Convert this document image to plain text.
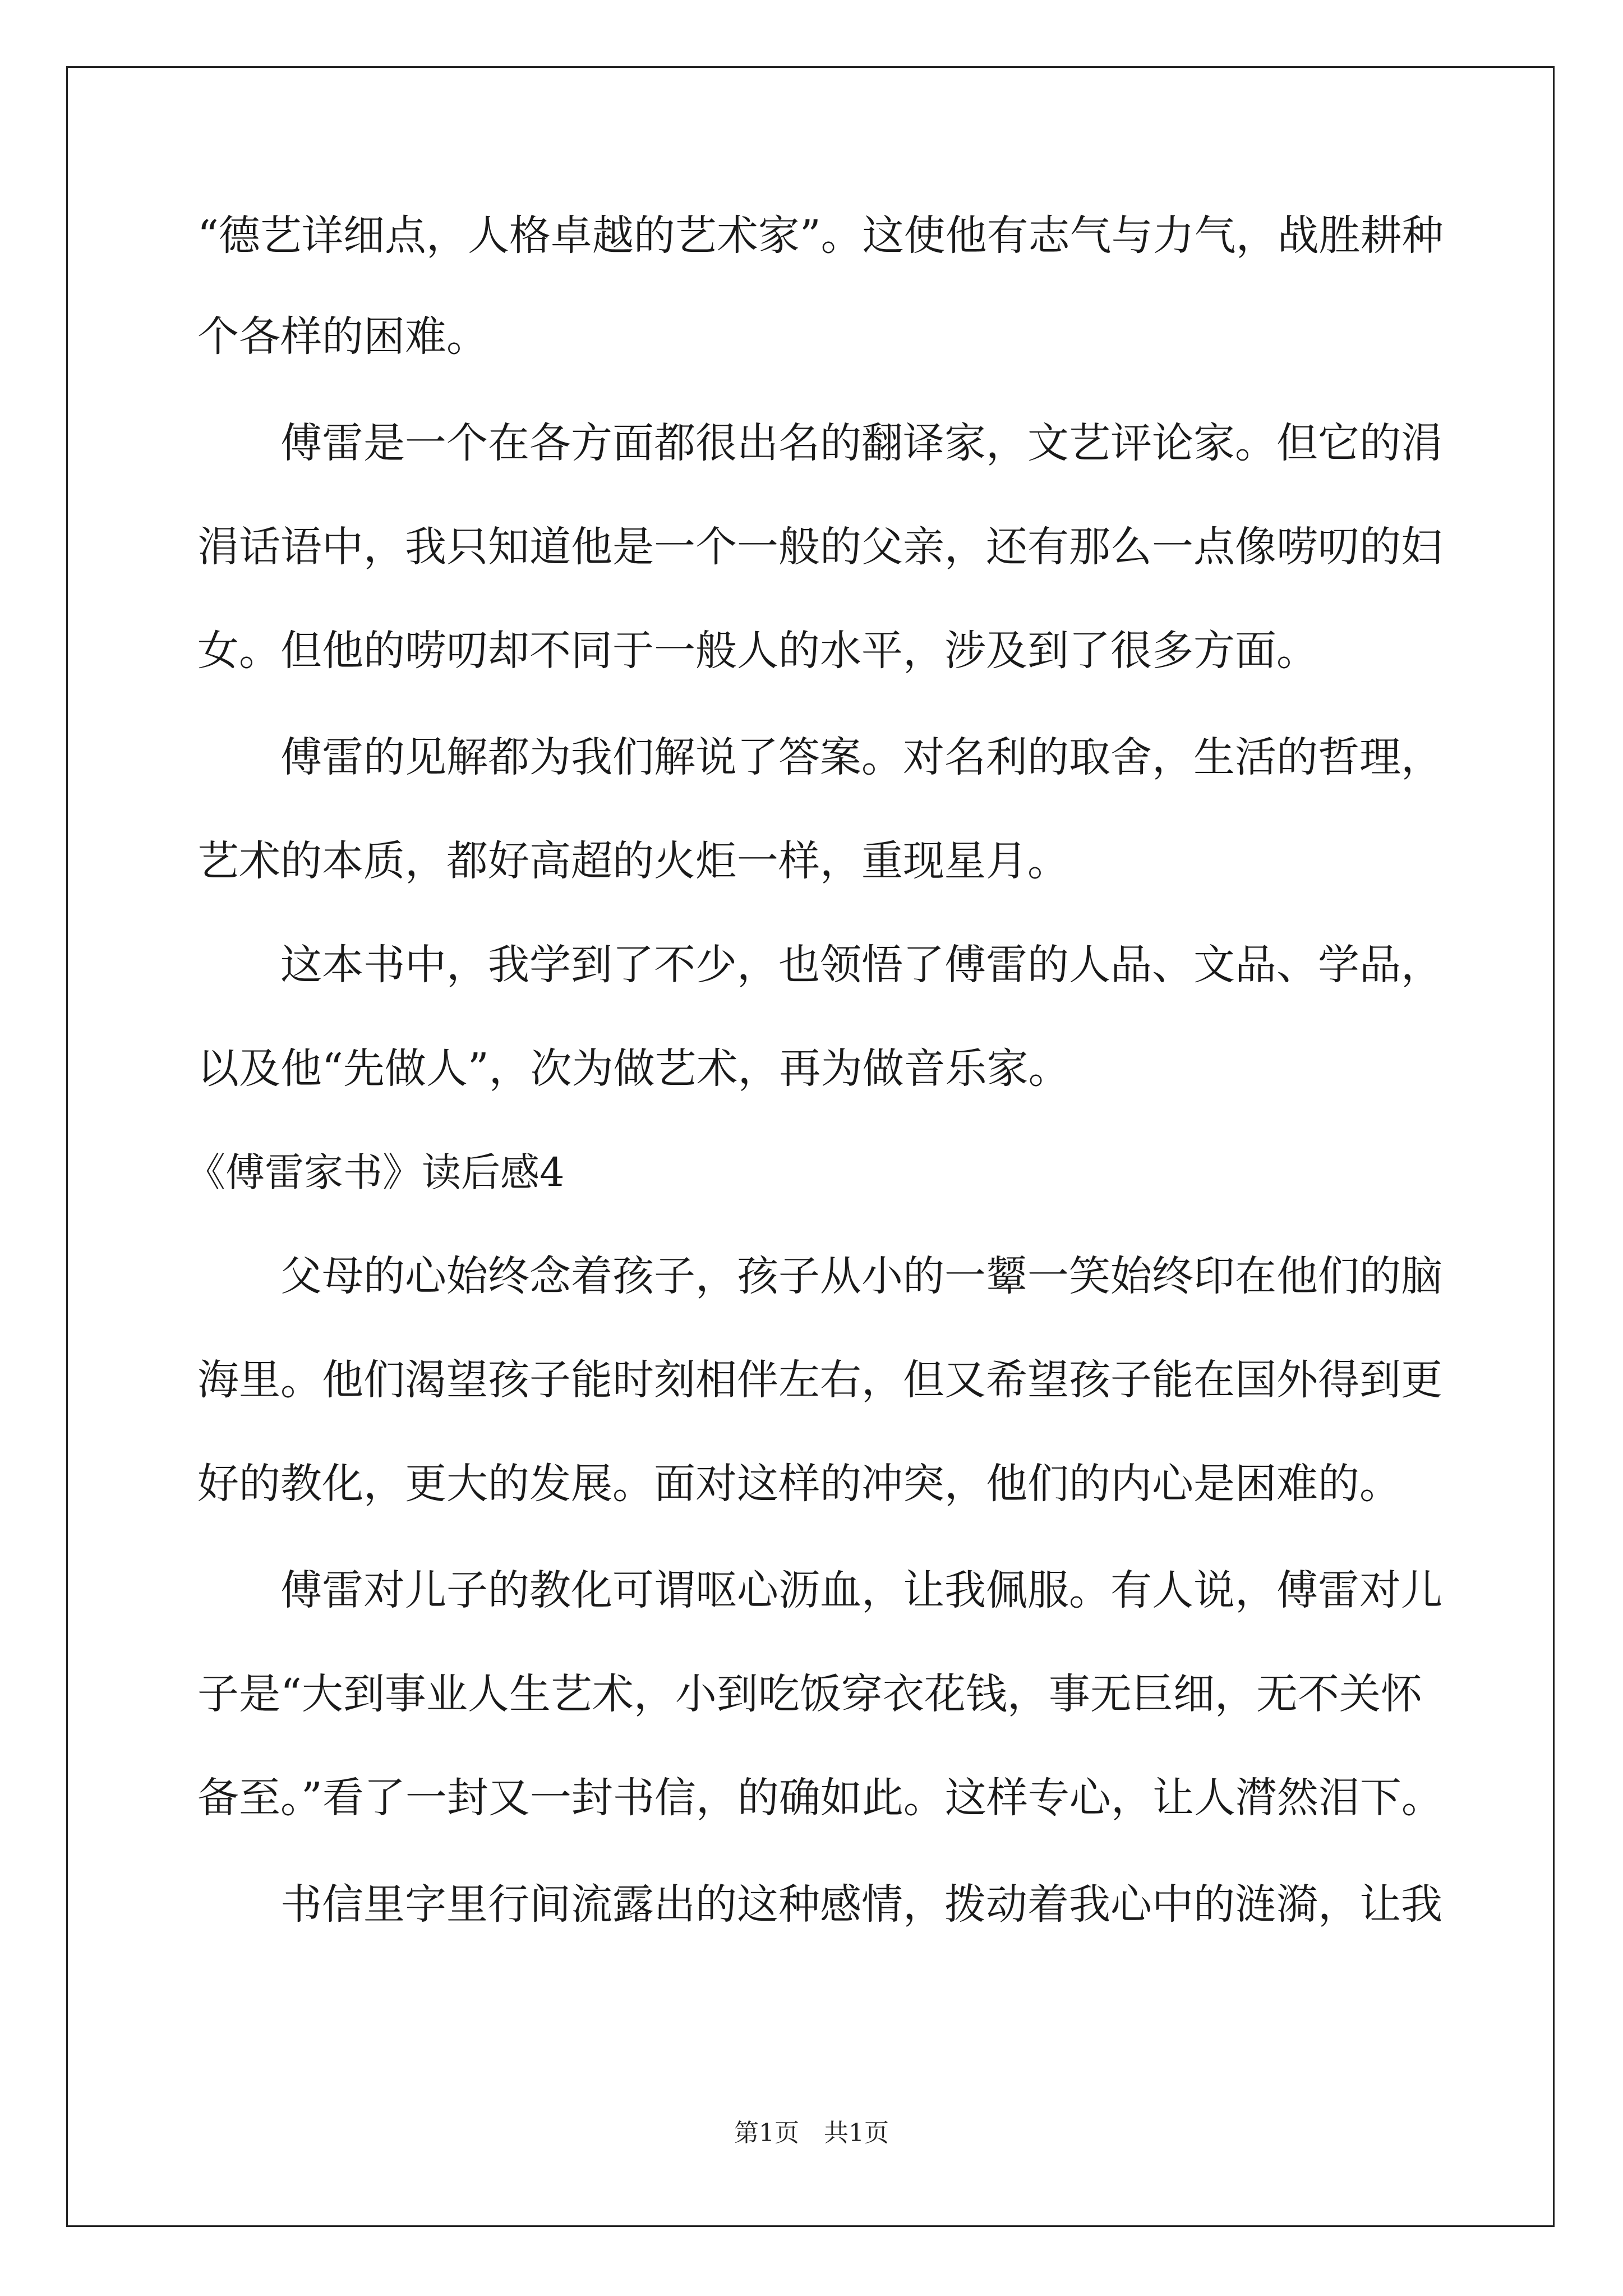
“德艺详细点，人格卓越的艺术家”。这使他有志气与力气，战胜耕种
个各样的困难。
傅雷是一个在各方面都很出名的翻译家，文艺评论家。但它的涓
涓话语中，我只知道他是一个一般的父亲，还有那么一点像唠叨的妇
女。但他的唠叨却不同于一般人的水平，涉及到了很多方面。
傅雷的见解都为我们解说了答案。对名利的取舍，生活的哲理，
艺术的本质，都好高超的火炬一样，重现星月。
这本书中，我学到了不少，也领悟了傅雷的人品、文品、学品，
以及他“先做人”，次为做艺术，再为做音乐家。
《傅雷家书》读后感4
父母的心始终念着孩子，孩子从小的一颦一笑始终印在他们的脑
海里。他们渴望孩子能时刻相伴左右，但又希望孩子能在国外得到更
好的教化，更大的发展。面对这样的冲突，他们的内心是困难的。
傅雷对儿子的教化可谓呕心沥血，让我佩服。有人说，傅雷对儿
子是“大到事业人生艺术，小到吃饭穿衣花钱，事无巨细，无不关怀
备至。”看了一封又一封书信，的确如此。这样专心，让人潸然泪下。
书信里字里行间流露出的这种感情，拨动着我心中的涟漪，让我
第1页　共1页
